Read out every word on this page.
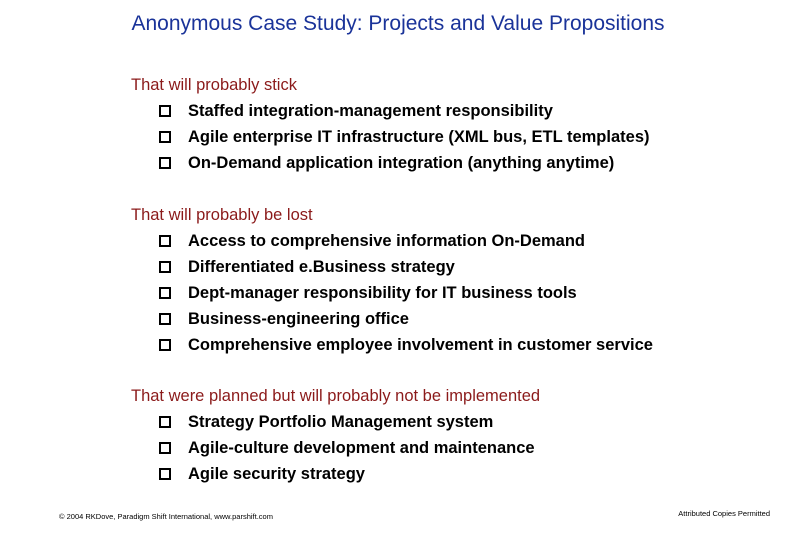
Anonymous Case Study: Projects and Value Propositions
That will probably stick
Staffed integration-management responsibility
Agile enterprise IT infrastructure (XML bus, ETL templates)
On-Demand application integration (anything anytime)
That will probably be lost
Access to comprehensive information On-Demand
Differentiated e.Business strategy
Dept-manager responsibility for IT business tools
Business-engineering office
Comprehensive employee involvement in customer service
That were planned but will probably not be implemented
Strategy Portfolio Management system
Agile-culture development and maintenance
Agile security strategy
© 2004 RKDove, Paradigm Shift International, www.parshift.com	Attributed Copies Permitted
